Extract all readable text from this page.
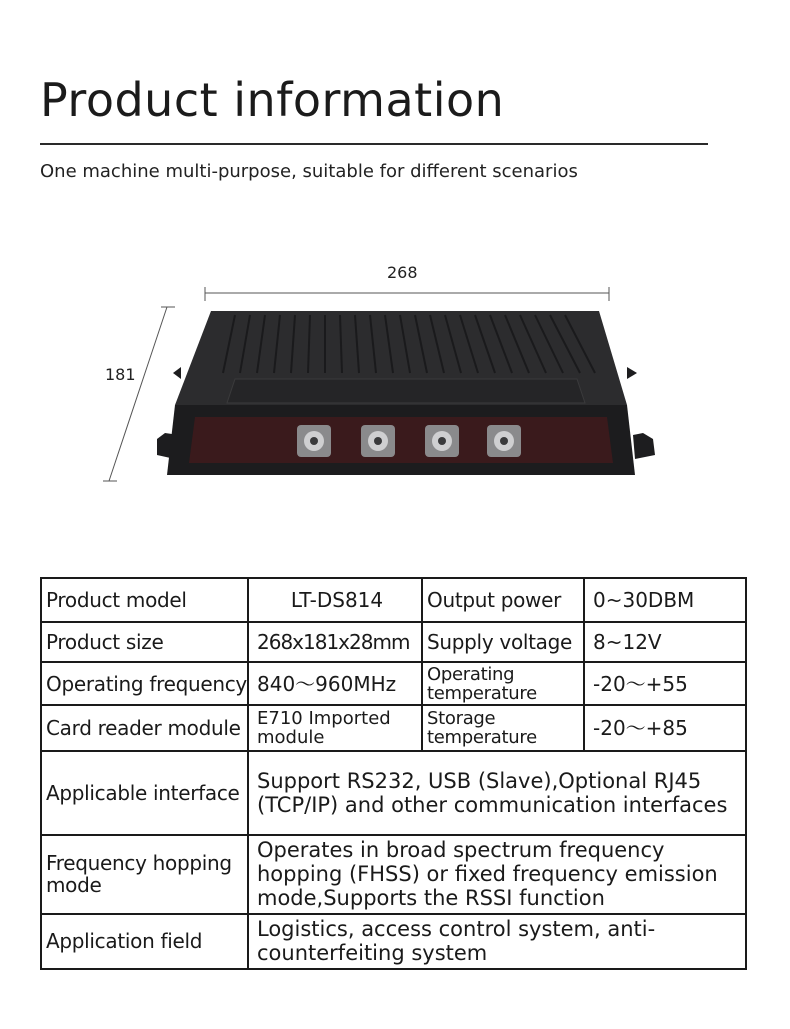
Product information
One machine multi-purpose, suitable for different scenarios
268
181
Product model	LT-DS814	Output power	0~30DBM
Product size	268x181x28mm	Supply voltage	8~12V
Operating frequency	840～960MHz	Operating temperature	-20～+55
Card reader module	E710 Imported module	Storage temperature	-20～+85
Applicable interface	Support RS232, USB (Slave),Optional RJ45 (TCP/IP) and other communication interfaces		
Frequency hopping mode	Operates in broad spectrum frequency hopping (FHSS) or fixed frequency emission mode,Supports the RSSI function		
Application field	Logistics, access control system, anti-counterfeiting system		
